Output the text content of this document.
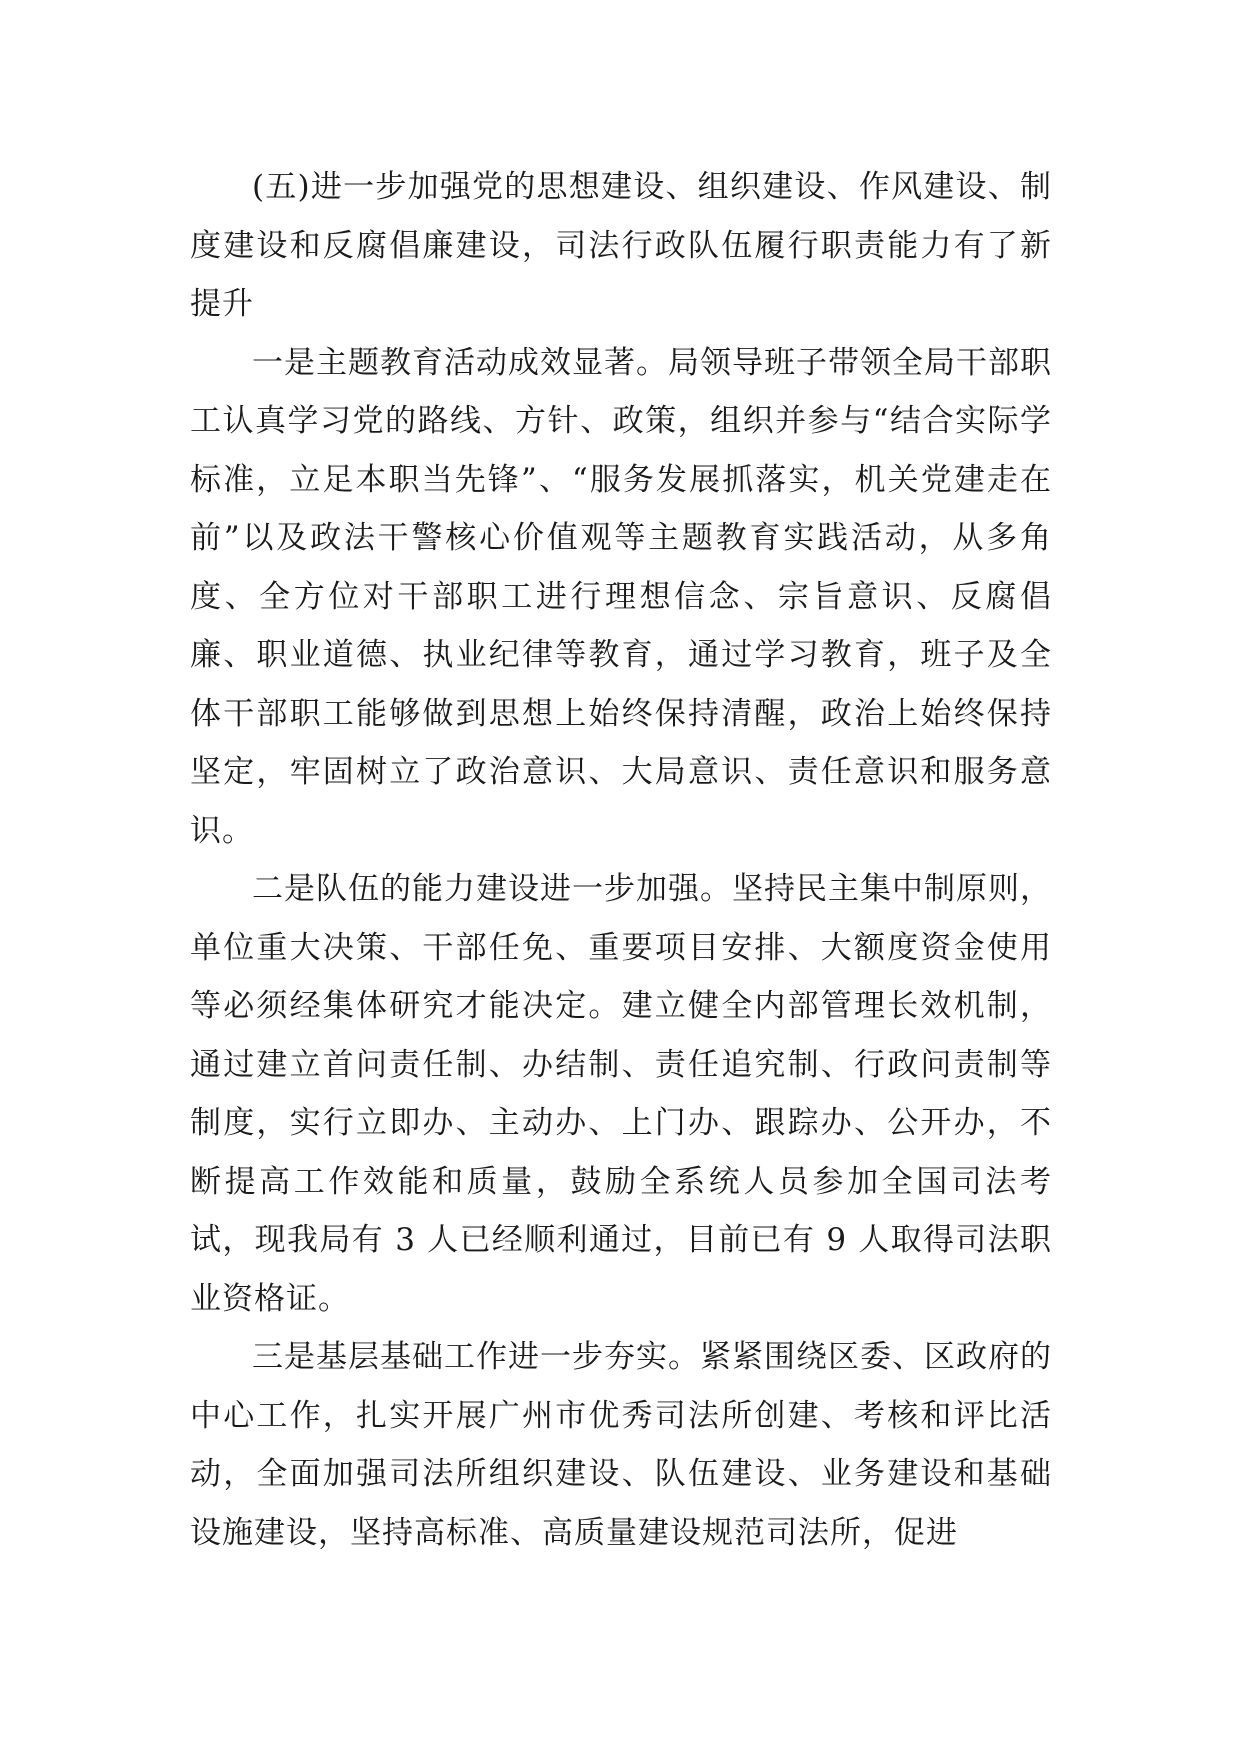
(五)进一步加强党的思想建设、组织建设、作风建设、制度建设和反腐倡廉建设，司法行政队伍履行职责能力有了新提升

一是主题教育活动成效显著。局领导班子带领全局干部职工认真学习党的路线、方针、政策，组织并参与“结合实际学标准，立足本职当先锋”、“服务发展抓落实，机关党建走在前”以及政法干警核心价值观等主题教育实践活动，从多角度、全方位对干部职工进行理想信念、宗旨意识、反腐倡廉、职业道德、执业纪律等教育，通过学习教育，班子及全体干部职工能够做到思想上始终保持清醒，政治上始终保持坚定，牢固树立了政治意识、大局意识、责任意识和服务意识。

二是队伍的能力建设进一步加强。坚持民主集中制原则，单位重大决策、干部任免、重要项目安排、大额度资金使用等必须经集体研究才能决定。建立健全内部管理长效机制，通过建立首问责任制、办结制、责任追究制、行政问责制等制度，实行立即办、主动办、上门办、跟踪办、公开办，不断提高工作效能和质量，鼓励全系统人员参加全国司法考试，现我局有 3 人已经顺利通过，目前已有 9 人取得司法职业资格证。

三是基层基础工作进一步夯实。紧紧围绕区委、区政府的中心工作，扎实开展广州市优秀司法所创建、考核和评比活动，全面加强司法所组织建设、队伍建设、业务建设和基础设施建设，坚持高标准、高质量建设规范司法所，促进
